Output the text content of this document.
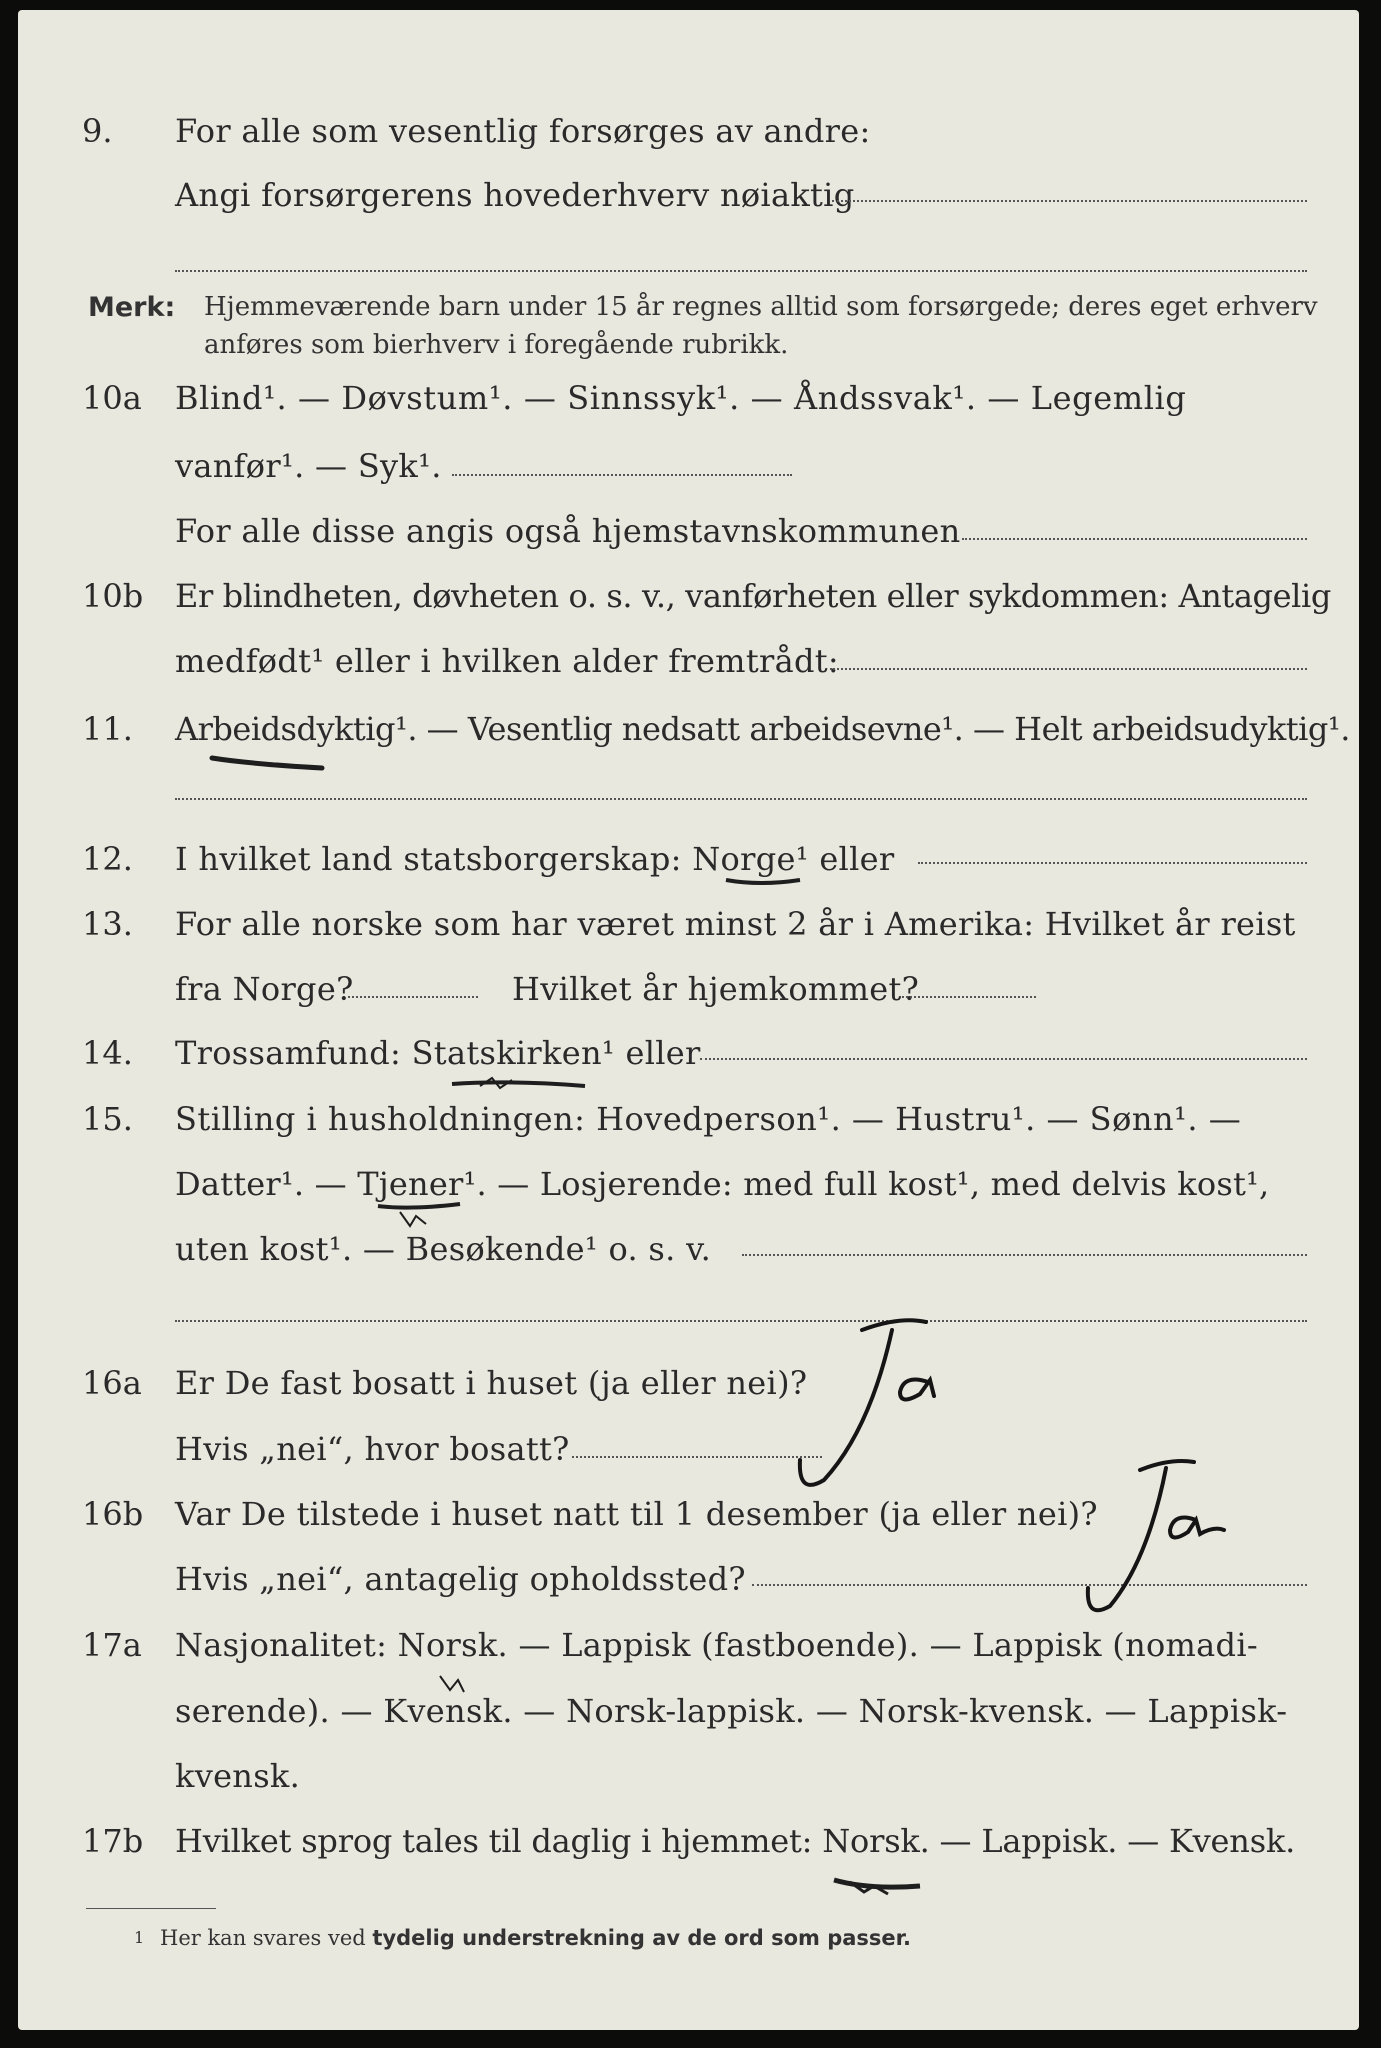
9. For alle som vesentlig forsørges av andre:
Angi forsørgerens hovederhverv nøiaktig
Merk: Hjemmeværende barn under 15 år regnes alltid som forsørgede; deres eget erhverv
anføres som bierhverv i foregående rubrikk.
10a Blind¹. — Døvstum¹. — Sinnssyk¹. — Åndssvak¹. — Legemlig
vanfør¹. — Syk¹.
For alle disse angis også hjemstavnskommunen
10b Er blindheten, døvheten o. s. v., vanførheten eller sykdommen: Antagelig
medfødt¹ eller i hvilken alder fremtrådt:
11. Arbeidsdyktig¹. — Vesentlig nedsatt arbeidsevne¹. — Helt arbeidsudyktig¹.
12. I hvilket land statsborgerskap: Norge¹ eller
13. For alle norske som har været minst 2 år i Amerika: Hvilket år reist
fra Norge?	Hvilket år hjemkommet?
14. Trossamfund: Statskirken¹ eller
15. Stilling i husholdningen: Hovedperson¹. — Hustru¹. — Sønn¹. —
Datter¹. — Tjener¹. — Losjerende: med full kost¹, med delvis kost¹,
uten kost¹. — Besøkende¹ o. s. v.
16a Er De fast bosatt i huset (ja eller nei)?
Hvis „nei“, hvor bosatt?
16b Var De tilstede i huset natt til 1 desember (ja eller nei)?
Hvis „nei“, antagelig opholdssted?
17a Nasjonalitet: Norsk. — Lappisk (fastboende). — Lappisk (nomadi-
serende). — Kvensk. — Norsk-lappisk. — Norsk-kvensk. — Lappisk-
kvensk.
17b Hvilket sprog tales til daglig i hjemmet: Norsk. — Lappisk. — Kvensk.
1 Her kan svares ved tydelig understrekning av de ord som passer.
